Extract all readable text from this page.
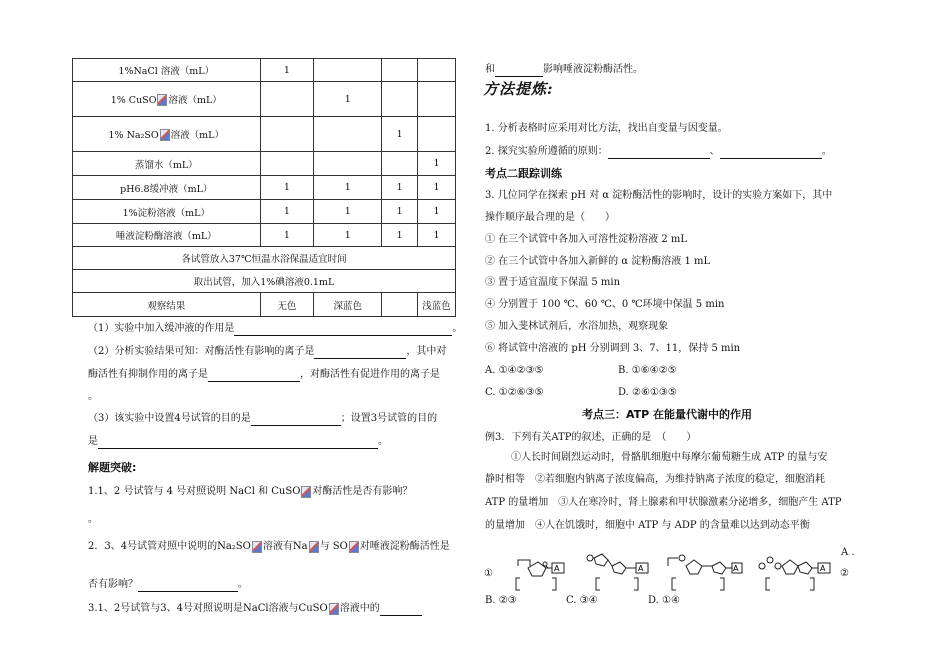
1%NaCl 溶液（mL）	1			
1% CuSO 溶液（mL）		1		
1% Na₂SO 溶液（mL）			1	
蒸馏水（mL）				1
pH6.8缓冲液（mL）	1	1	1	1
1%淀粉溶液（mL）	1	1	1	1
唾液淀粉酶溶液（mL）	1	1	1	1
各试管放入37℃恒温水浴保温适宜时间				
取出试管，加入1%碘溶液0.1mL				
观察结果	无色	深蓝色		浅蓝色
（1）实验中加入缓冲液的作用是	。
（2）分析实验结果可知：对酶活性有影响的离子是	，其中对
酶活性有抑制作用的离子是	，对酶活性有促进作用的离子是
。
（3）该实验中设置4号试管的目的是	；设置3号试管的目的
是	。
解题突破:
1.1、2 号试管与 4 号对照说明 NaCl 和 CuSO 对酶活性是否有影响？
。
2．3、4号试管对照中说明的Na₂SO 溶液有Na 与 SO 对唾液淀粉酶活性是
否有影响？	。
3.1、2号试管与3、4号对照说明是NaCl溶液与CuSO 溶液中的
和	影响唾液淀粉酶活性。
方法提炼:
1. 分析表格时应采用对比方法，找出自变量与因变量。
2. 探究实验所遵循的原则：	、	。
考点二跟踪训练
3. 几位同学在探索 pH 对 α 淀粉酶活性的影响时，设计的实验方案如下，其中
操作顺序最合理的是（　　）
① 在三个试管中各加入可溶性淀粉溶液 2 mL
② 在三个试管中各加入新鲜的 α 淀粉酶溶液 1 mL
③ 置于适宜温度下保温 5 min
④ 分别置于 100 ℃、60 ℃、0 ℃环境中保温 5 min
⑤ 加入斐林试剂后，水浴加热，观察现象
⑥ 将试管中溶液的 pH 分别调到 3、7、11，保持 5 min
A. ①④②③⑤	B. ①⑥④②⑤
C. ①②⑥③⑤	D. ②⑥①③⑤
考点三：ATP 在能量代谢中的作用
例3．下列有关ATP的叙述，正确的是　（　　）
①人长时间剧烈运动时，骨骼肌细胞中每摩尔葡萄糖生成 ATP 的量与安
静时相等　②若细胞内钠离子浓度偏高，为维持钠离子浓度的稳定，细胞消耗
ATP 的量增加　③人在寒冷时，肾上腺素和甲状腺激素分泌增多，细胞产生 ATP
的量增加　④人在饥饿时，细胞中 ATP 与 ADP 的含量难以达到动态平衡
A .
①	②
A	A	A	A
B. ②③	C. ③④	D. ①④
